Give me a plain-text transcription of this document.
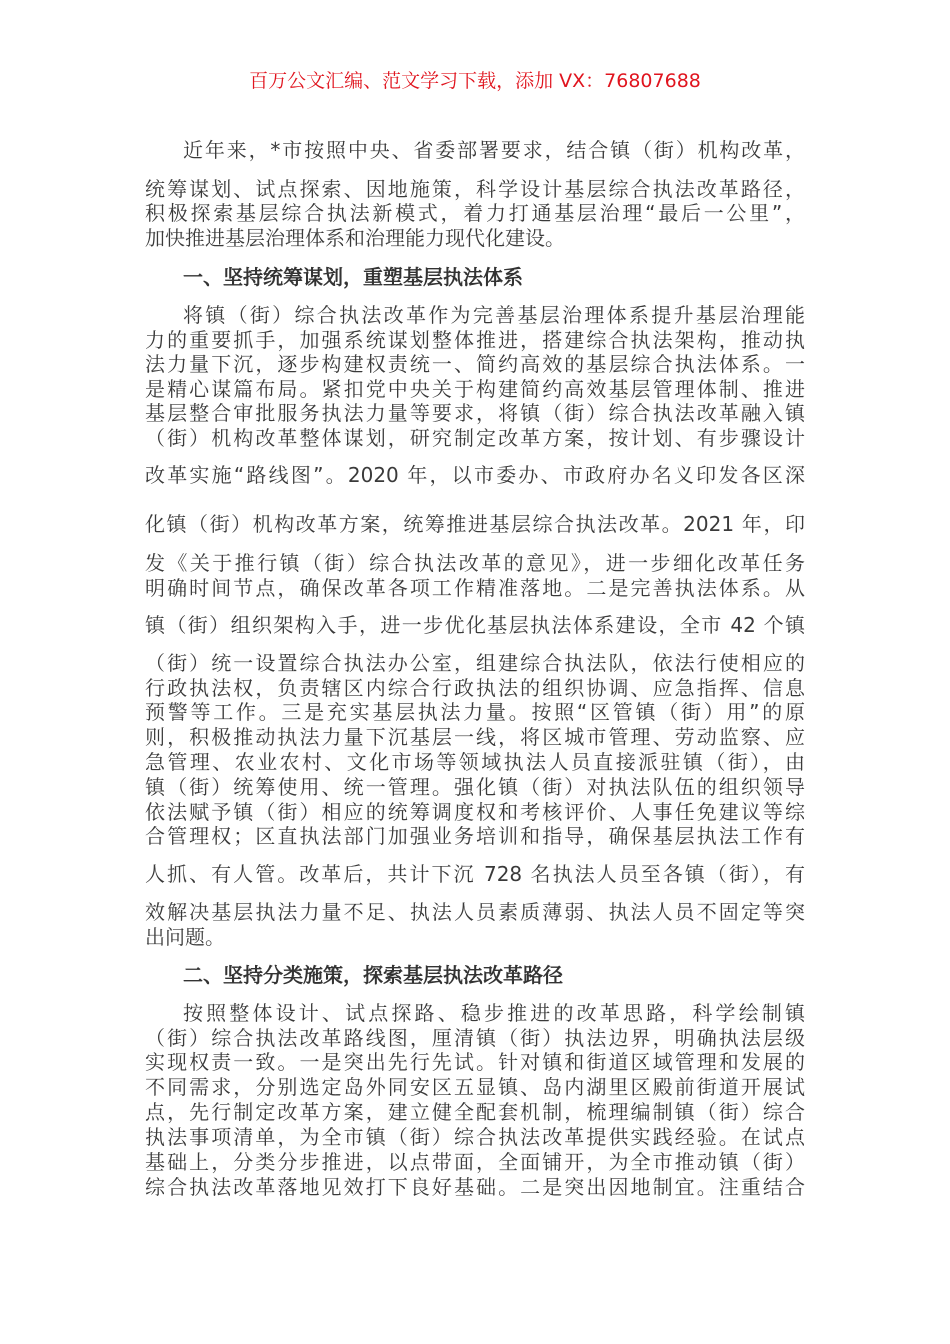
百万公文汇编、范文学习下载，添加 VX：76807688
近年来，*市按照中央、省委部署要求，结合镇（街）机构改革，
统筹谋划、试点探索、因地施策，科学设计基层综合执法改革路径，
积极探索基层综合执法新模式，着力打通基层治理“最后一公里”，
加快推进基层治理体系和治理能力现代化建设。
一、坚持统筹谋划，重塑基层执法体系
将镇（街）综合执法改革作为完善基层治理体系提升基层治理能
力的重要抓手，加强系统谋划整体推进，搭建综合执法架构，推动执
法力量下沉，逐步构建权责统一、简约高效的基层综合执法体系。一
是精心谋篇布局。紧扣党中央关于构建简约高效基层管理体制、推进
基层整合审批服务执法力量等要求，将镇（街）综合执法改革融入镇
（街）机构改革整体谋划，研究制定改革方案，按计划、有步骤设计
改革实施“路线图”。2020 年，以市委办、市政府办名义印发各区深
化镇（街）机构改革方案，统筹推进基层综合执法改革。2021 年，印
发《关于推行镇（街）综合执法改革的意见》，进一步细化改革任务
明确时间节点，确保改革各项工作精准落地。二是完善执法体系。从
镇（街）组织架构入手，进一步优化基层执法体系建设，全市 42 个镇
（街）统一设置综合执法办公室，组建综合执法队，依法行使相应的
行政执法权，负责辖区内综合行政执法的组织协调、应急指挥、信息
预警等工作。三是充实基层执法力量。按照“区管镇（街）用”的原
则，积极推动执法力量下沉基层一线，将区城市管理、劳动监察、应
急管理、农业农村、文化市场等领域执法人员直接派驻镇（街），由
镇（街）统筹使用、统一管理。强化镇（街）对执法队伍的组织领导
依法赋予镇（街）相应的统筹调度权和考核评价、人事任免建议等综
合管理权；区直执法部门加强业务培训和指导，确保基层执法工作有
人抓、有人管。改革后，共计下沉 728 名执法人员至各镇（街），有
效解决基层执法力量不足、执法人员素质薄弱、执法人员不固定等突
出问题。
二、坚持分类施策，探索基层执法改革路径
按照整体设计、试点探路、稳步推进的改革思路，科学绘制镇
（街）综合执法改革路线图，厘清镇（街）执法边界，明确执法层级
实现权责一致。一是突出先行先试。针对镇和街道区域管理和发展的
不同需求，分别选定岛外同安区五显镇、岛内湖里区殿前街道开展试
点，先行制定改革方案，建立健全配套机制，梳理编制镇（街）综合
执法事项清单，为全市镇（街）综合执法改革提供实践经验。在试点
基础上，分类分步推进，以点带面，全面铺开，为全市推动镇（街）
综合执法改革落地见效打下良好基础。二是突出因地制宜。注重结合
